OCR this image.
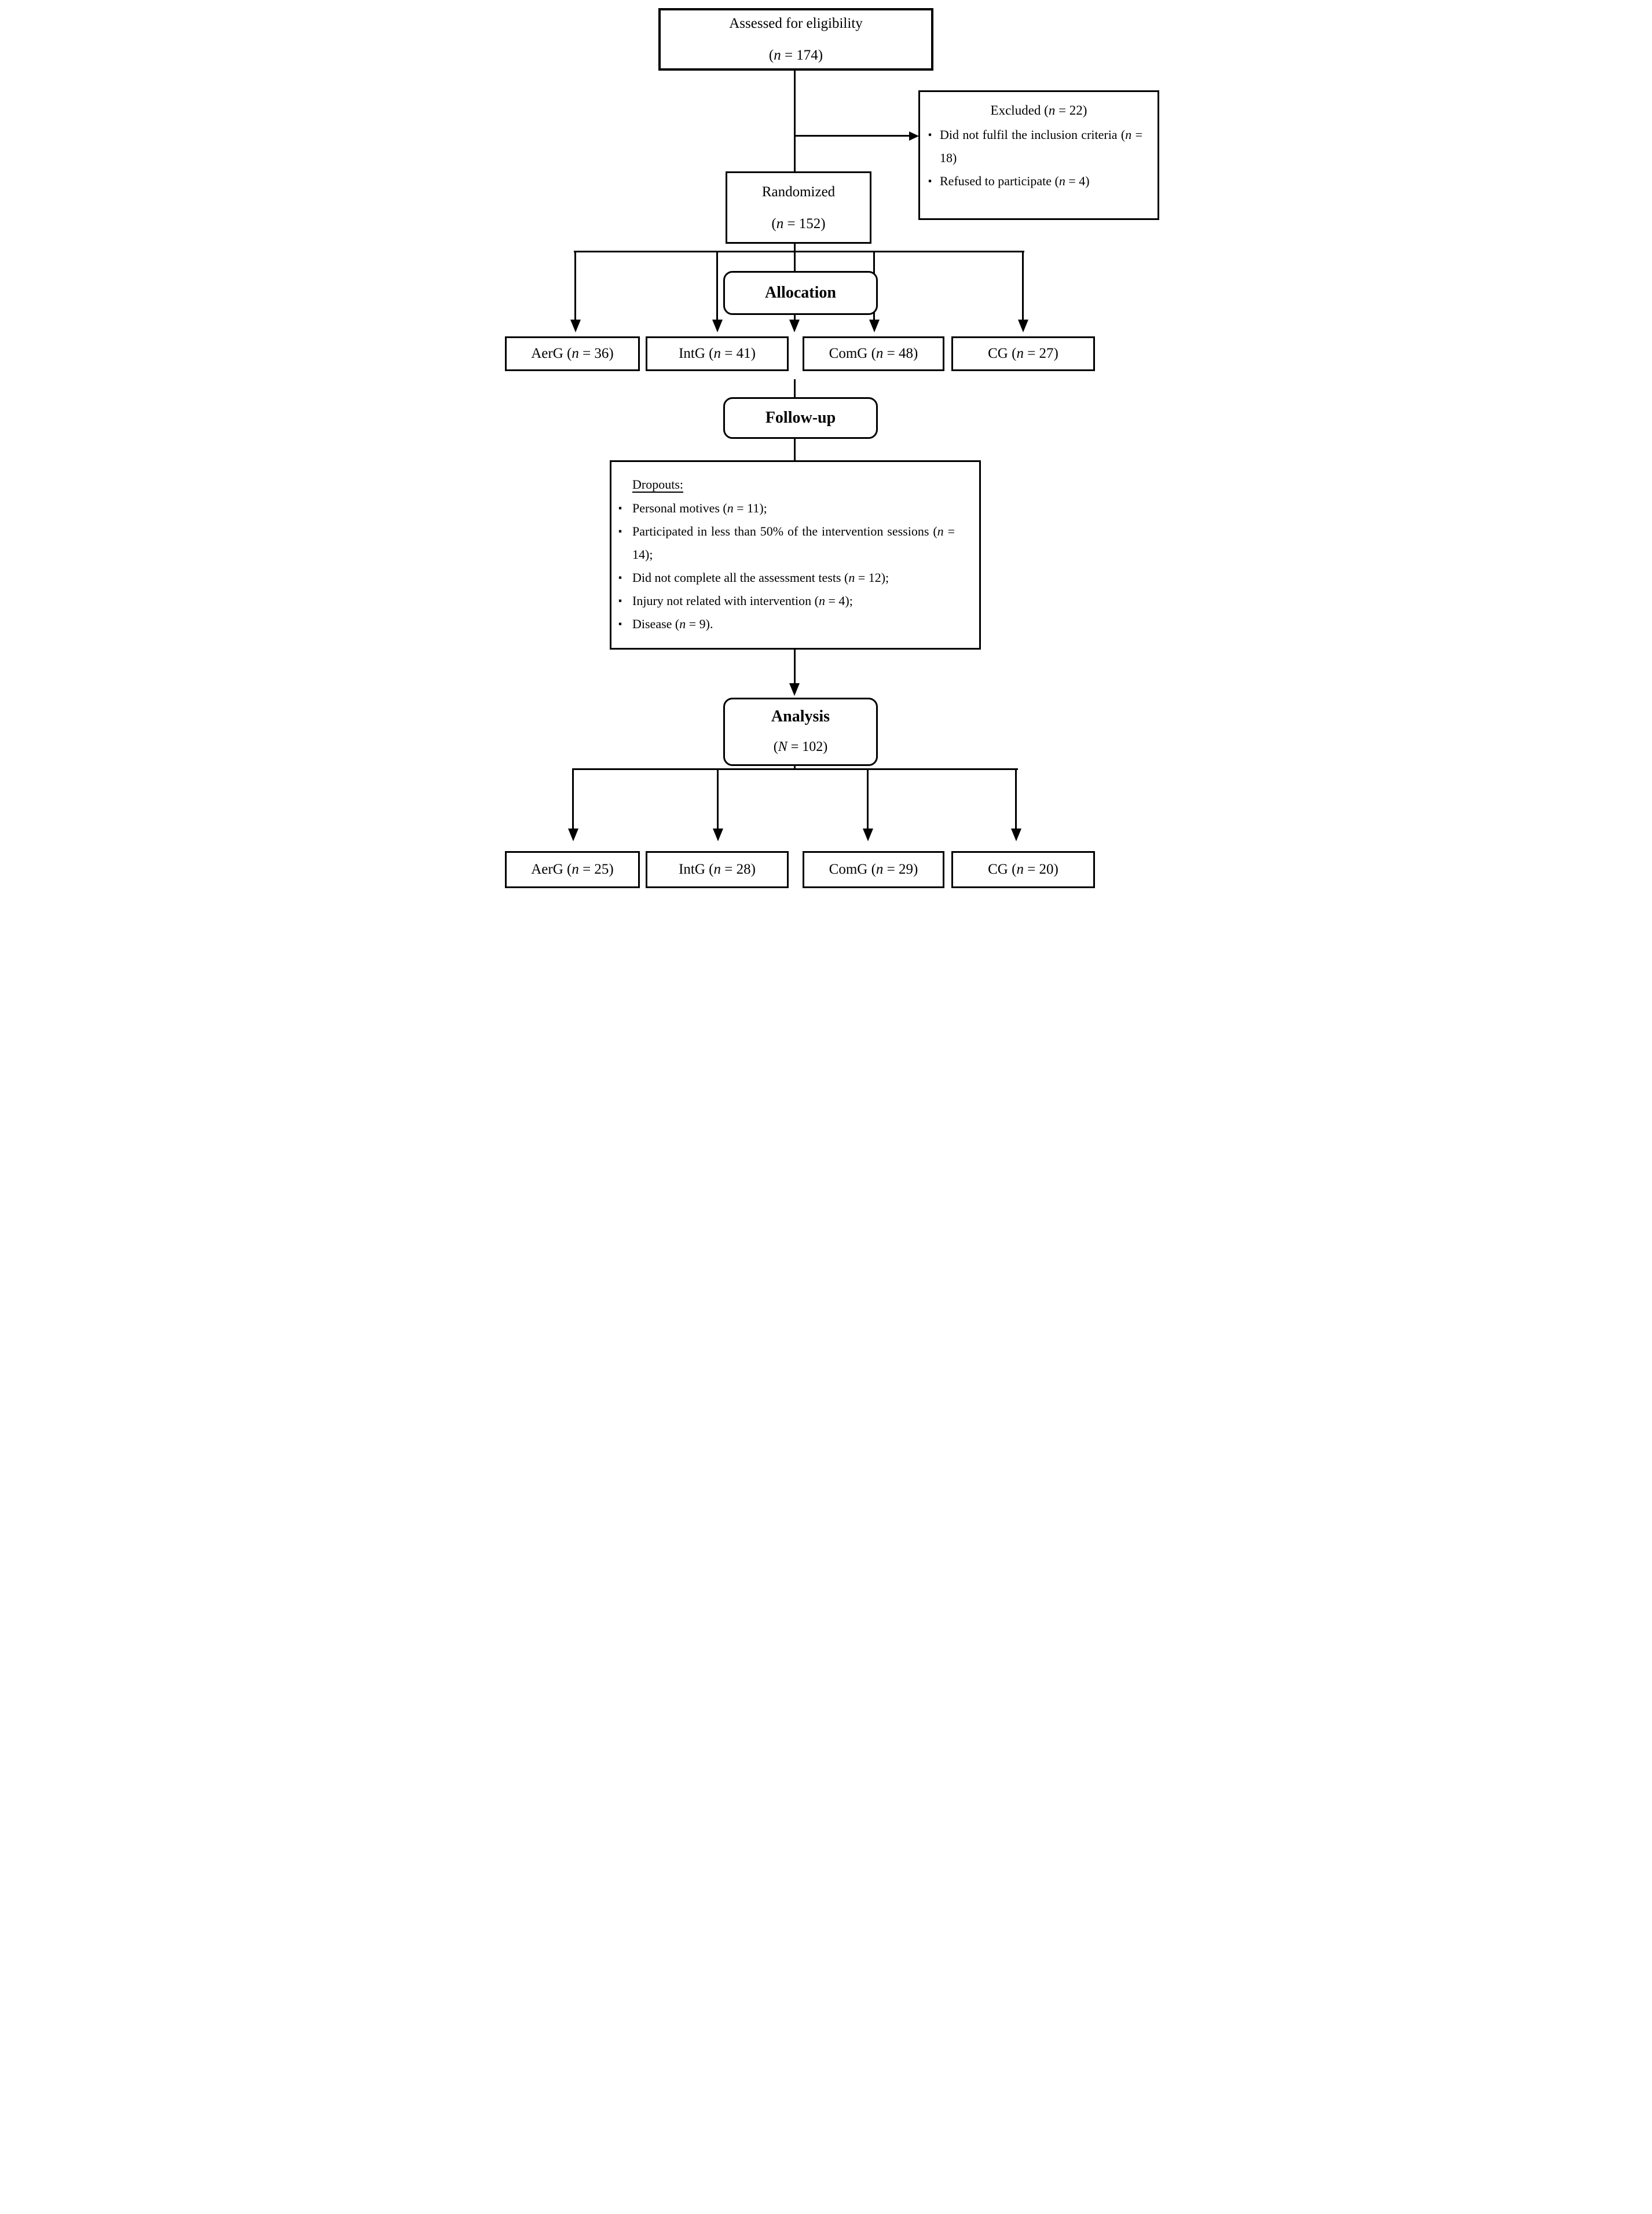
Assessed for eligibility
(n = 174)
Excluded (n = 22)
▪ Did not fulfil the inclusion criteria (n = 18)
▪ Refused to participate (n = 4)
Randomized
(n = 152)
Allocation
AerG (n = 36)	IntG (n = 41)	ComG (n = 48)	CG (n = 27)
Follow-up
Dropouts:
▪ Personal motives (n = 11);
▪ Participated in less than 50% of the intervention sessions (n = 14);
▪ Did not complete all the assessment tests (n = 12);
▪ Injury not related with intervention (n = 4);
▪ Disease (n = 9).
Analysis
(N = 102)
AerG (n = 25)	IntG (n = 28)	ComG (n = 29)	CG (n = 20)
